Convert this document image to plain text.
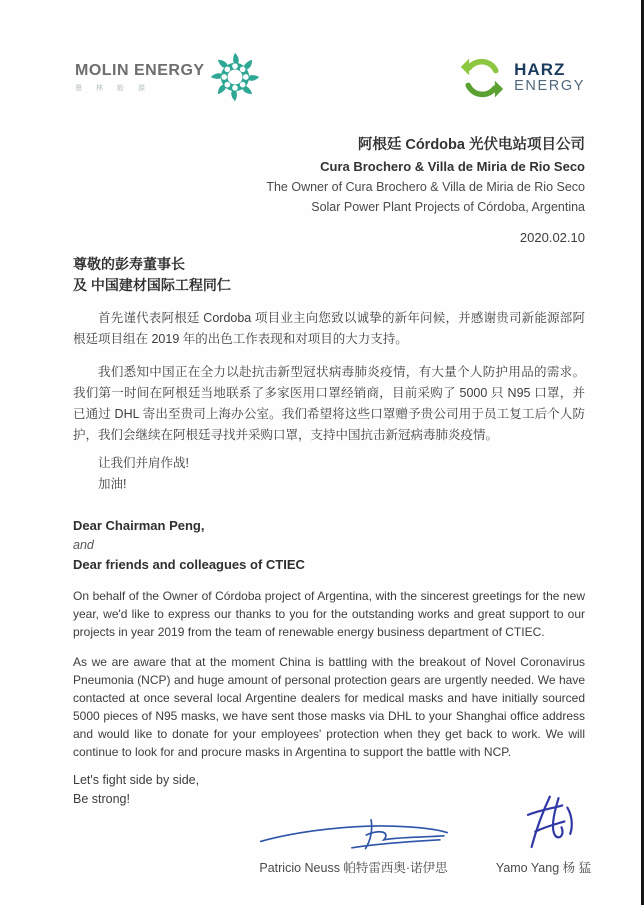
MOLIN ENERGY
墨 林 能 源
HARZ
ENERGY
阿根廷 Córdoba 光伏电站项目公司
Cura Brochero & Villa de Miria de Rio Seco
The Owner of Cura Brochero & Villa de Miria de Rio Seco
Solar Power Plant Projects of Córdoba, Argentina
2020.02.10
尊敬的彭寿董事长
及 中国建材国际工程同仁

首先谨代表阿根廷 Cordoba 项目业主向您致以诚挚的新年问候，并感谢贵司新能源部阿根廷项目组在 2019 年的出色工作表现和对项目的大力支持。

我们悉知中国正在全力以赴抗击新型冠状病毒肺炎疫情，有大量个人防护用品的需求。我们第一时间在阿根廷当地联系了多家医用口罩经销商，目前采购了 5000 只 N95 口罩，并已通过 DHL 寄出至贵司上海办公室。我们希望将这些口罩赠予贵公司用于员工复工后个人防护，我们会继续在阿根廷寻找并采购口罩，支持中国抗击新冠病毒肺炎疫情。

让我们并肩作战!
加油!
Dear Chairman Peng,
and
Dear friends and colleagues of CTIEC

On behalf of the Owner of Córdoba project of Argentina, with the sincerest greetings for the new year, we'd like to express our thanks to you for the outstanding works and great support to our projects in year 2019 from the team of renewable energy business department of CTIEC.

As we are aware that at the moment China is battling with the breakout of Novel Coronavirus Pneumonia (NCP) and huge amount of personal protection gears are urgently needed. We have contacted at once several local Argentine dealers for medical masks and have initially sourced 5000 pieces of N95 masks, we have sent those masks via DHL to your Shanghai office address and would like to donate for your employees' protection when they get back to work. We will continue to look for and procure masks in Argentina to support the battle with NCP.

Let's fight side by side,
Be strong!
Patricio Neuss 帕特雷西奥·诺伊思	Yamo Yang 杨 猛
